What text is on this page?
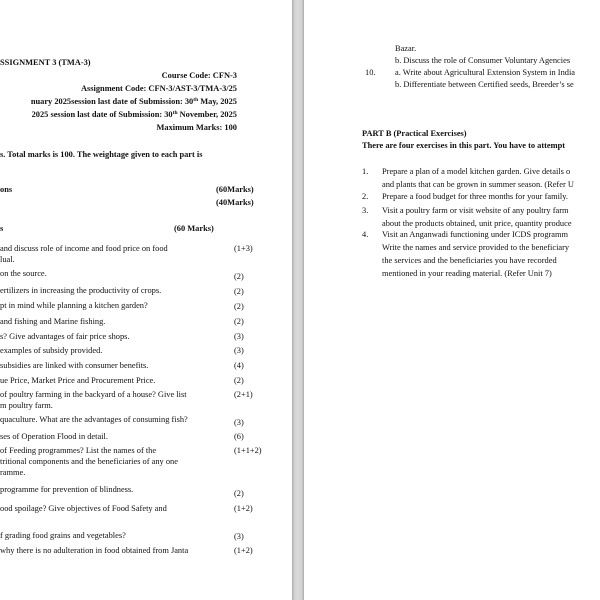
SSIGNMENT 3 (TMA-3)
Course Code: CFN-3
Assignment Code: CFN-3/AST-3/TMA-3/25
nuary 2025session last date of Submission: 30th May, 2025
2025 session last date of Submission: 30th November, 2025
Maximum Marks: 100
s. Total marks is 100. The weightage given to each part is
ons	(60Marks)
(40Marks)
s	(60 Marks)
and discuss role of income and food price on food
lual.
(1+3)
on the source.	(2)
ertilizers in increasing the productivity of crops.	(2)
pt in mind while planning a kitchen garden?	(2)
and fishing and Marine fishing.	(2)
s? Give advantages of fair price shops.	(3)
examples of subsidy provided.	(3)
subsidies are linked with consumer benefits.	(4)
ue Price, Market Price and Procurement Price.	(2)
of poultry farming in the backyard of a house? Give list
m poultry farm.
(2+1)
quaculture. What are the advantages of consuming fish?	(3)
ses of Operation Flood in detail.	(6)
of Feeding programmes? List the names of the
tritional components and the beneficiaries of any one
ramme.
(1+1+2)
programme for prevention of blindness.	(2)
ood spoilage? Give objectives of Food Safety and	(1+2)
f grading food grains and vegetables?	(3)
why there is no adulteration in food obtained from Janta	(1+2)
Bazar.
b. Discuss the role of Consumer Voluntary Agencies
10. a. Write about Agricultural Extension System in India
b. Differentiate between Certified seeds, Breeder’s se
PART B (Practical Exercises)
There are four exercises in this part. You have to attempt
1. Prepare a plan of a model kitchen garden. Give details o
and plants that can be grown in summer season. (Refer U
2. Prepare a food budget for three months for your family.
3. Visit a poultry farm or visit website of any poultry farm
about the products obtained, unit price, quantity produce
4. Visit an Anganwadi functioning under ICDS programm
Write the names and service provided to the beneficiary
the services and the beneficiaries you have recorded
mentioned in your reading material. (Refer Unit 7)
